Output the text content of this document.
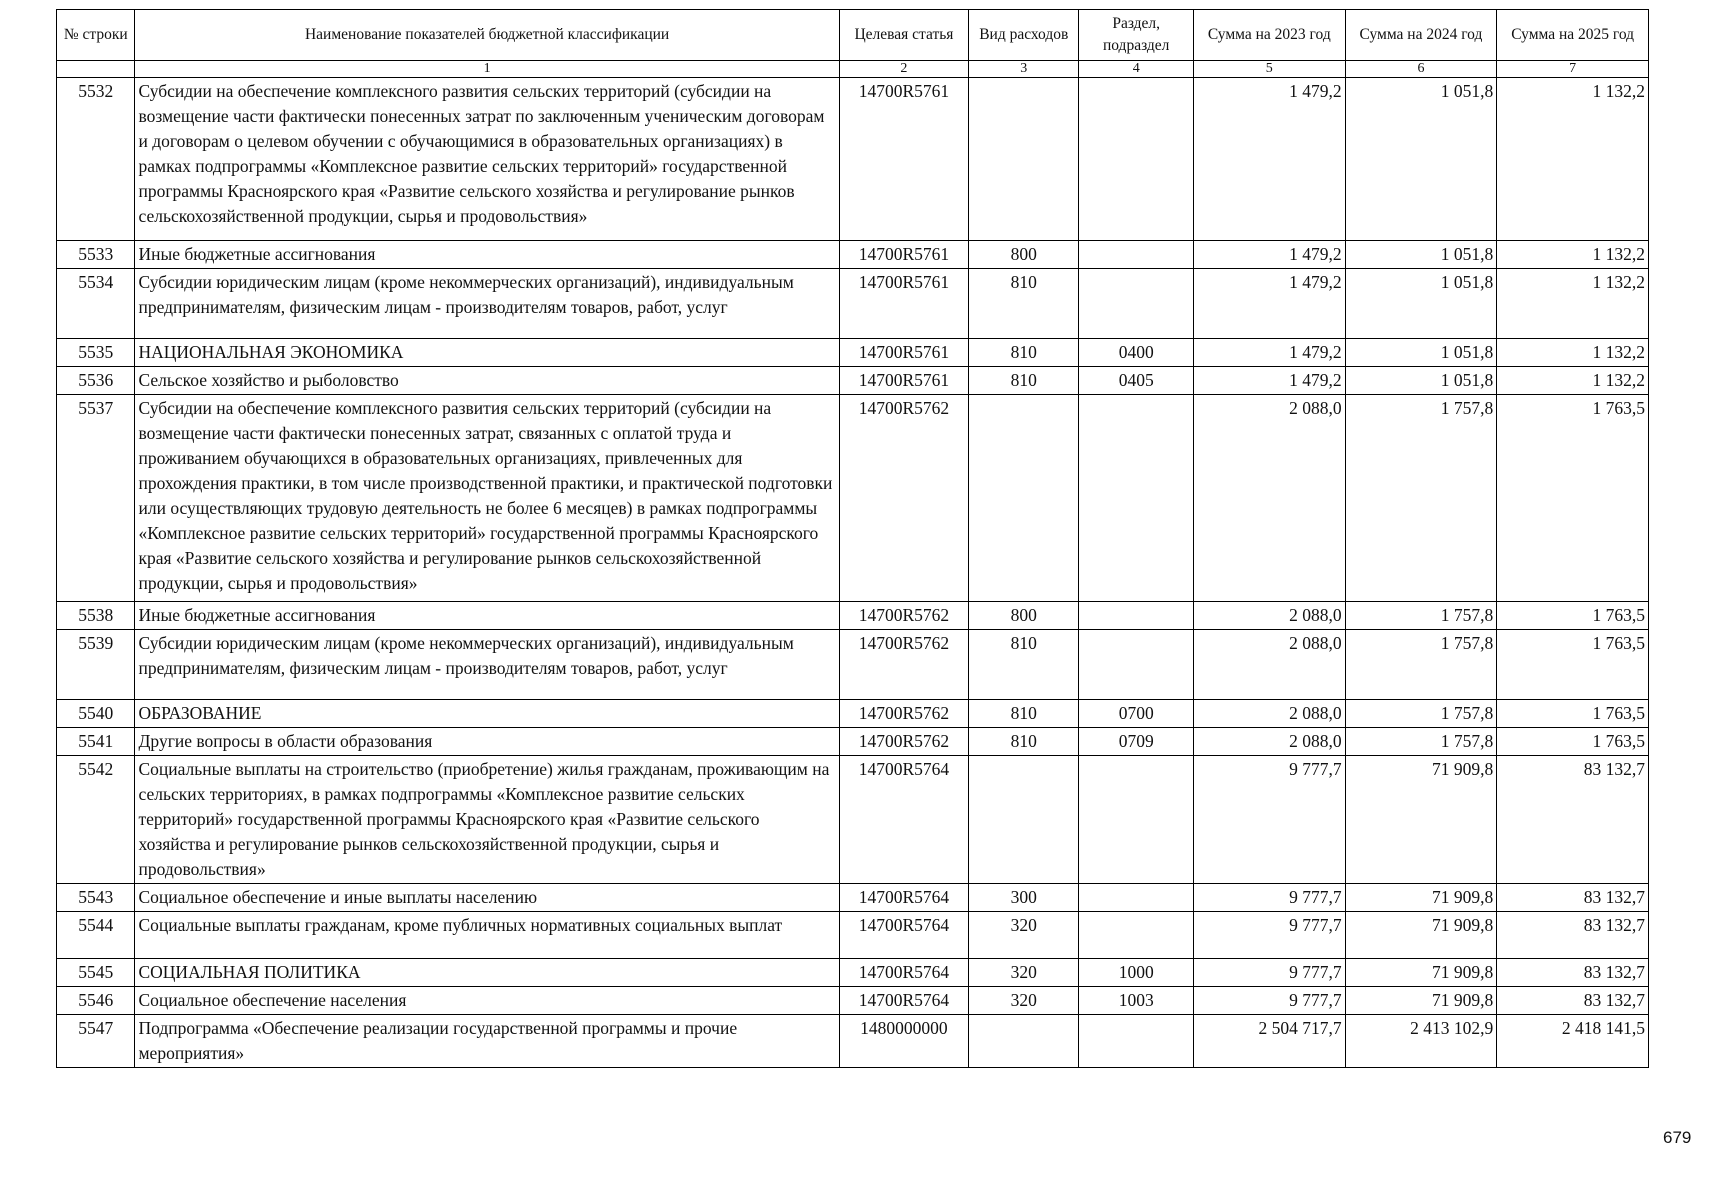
№ строки	Наименование показателей бюджетной классификации	Целевая статья	Вид расходов	Раздел, подраздел	Сумма на 2023 год	Сумма на 2024 год	Сумма на 2025 год
	1	2	3	4	5	6	7
5532	Субсидии на обеспечение комплексного развития сельских территорий (субсидии на возмещение части фактически понесенных затрат по заключенным ученическим договорам и договорам о целевом обучении с обучающимися в образовательных организациях) в рамках подпрограммы «Комплексное развитие сельских территорий» государственной программы Красноярского края «Развитие сельского хозяйства и регулирование рынков сельскохозяйственной продукции, сырья и продовольствия»	14700R5761			1 479,2	1 051,8	1 132,2
5533	Иные бюджетные ассигнования	14700R5761	800		1 479,2	1 051,8	1 132,2
5534	Субсидии юридическим лицам (кроме некоммерческих организаций), индивидуальным предпринимателям, физическим лицам - производителям товаров, работ, услуг	14700R5761	810		1 479,2	1 051,8	1 132,2
5535	НАЦИОНАЛЬНАЯ ЭКОНОМИКА	14700R5761	810	0400	1 479,2	1 051,8	1 132,2
5536	Сельское хозяйство и рыболовство	14700R5761	810	0405	1 479,2	1 051,8	1 132,2
5537	Субсидии на обеспечение комплексного развития сельских территорий (субсидии на возмещение части фактически понесенных затрат, связанных с оплатой труда и проживанием обучающихся в образовательных организациях, привлеченных для прохождения практики, в том числе производственной практики, и практической подготовки или осуществляющих трудовую деятельность не более 6 месяцев) в рамках подпрограммы «Комплексное развитие сельских территорий» государственной программы Красноярского края «Развитие сельского хозяйства и регулирование рынков сельскохозяйственной продукции, сырья и продовольствия»	14700R5762			2 088,0	1 757,8	1 763,5
5538	Иные бюджетные ассигнования	14700R5762	800		2 088,0	1 757,8	1 763,5
5539	Субсидии юридическим лицам (кроме некоммерческих организаций), индивидуальным предпринимателям, физическим лицам - производителям товаров, работ, услуг	14700R5762	810		2 088,0	1 757,8	1 763,5
5540	ОБРАЗОВАНИЕ	14700R5762	810	0700	2 088,0	1 757,8	1 763,5
5541	Другие вопросы в области образования	14700R5762	810	0709	2 088,0	1 757,8	1 763,5
5542	Социальные выплаты на строительство (приобретение) жилья гражданам, проживающим на сельских территориях, в рамках подпрограммы «Комплексное развитие сельских территорий» государственной программы Красноярского края «Развитие сельского хозяйства и регулирование рынков сельскохозяйственной продукции, сырья и продовольствия»	14700R5764			9 777,7	71 909,8	83 132,7
5543	Социальное обеспечение и иные выплаты населению	14700R5764	300		9 777,7	71 909,8	83 132,7
5544	Социальные выплаты гражданам, кроме публичных нормативных социальных выплат	14700R5764	320		9 777,7	71 909,8	83 132,7
5545	СОЦИАЛЬНАЯ ПОЛИТИКА	14700R5764	320	1000	9 777,7	71 909,8	83 132,7
5546	Социальное обеспечение населения	14700R5764	320	1003	9 777,7	71 909,8	83 132,7
5547	Подпрограмма «Обеспечение реализации государственной программы и прочие мероприятия»	1480000000			2 504 717,7	2 413 102,9	2 418 141,5
679
